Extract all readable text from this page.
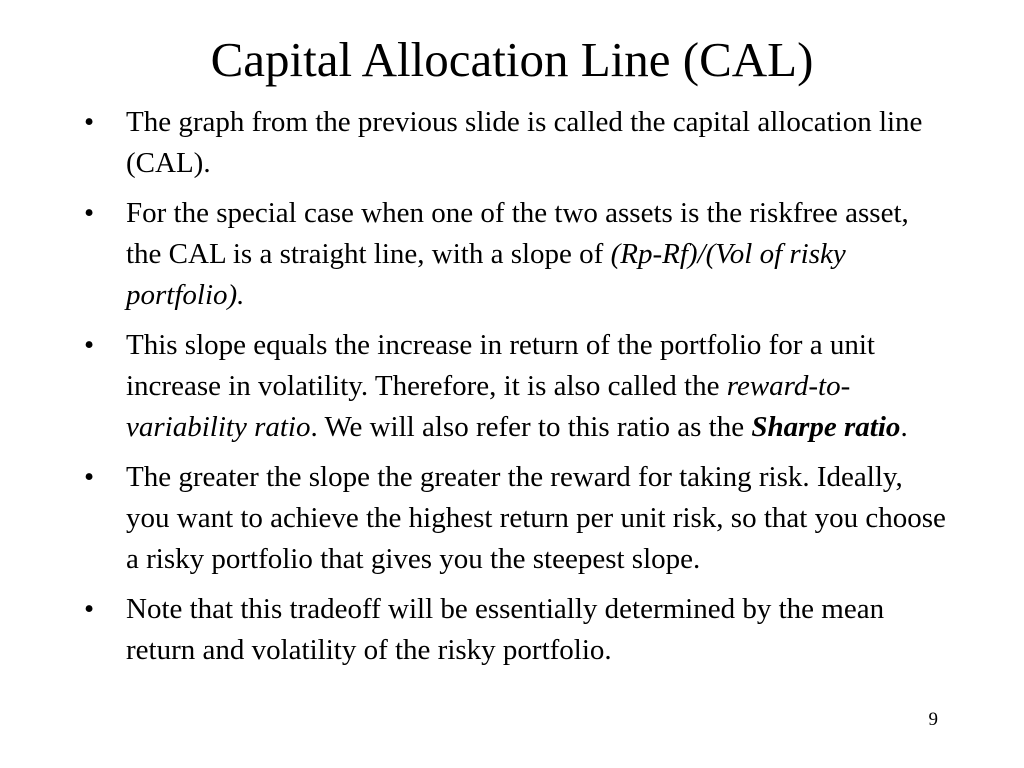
Capital Allocation Line (CAL)
•	The graph from the previous slide is called the capital allocation line (CAL).
•	For the special case when one of the two assets is the riskfree asset, the CAL is a straight line, with a slope of (Rp-Rf)/(Vol of risky portfolio).
•	This slope equals the increase in return of the portfolio for a unit increase in volatility. Therefore, it is also called the reward-to-variability ratio. We will also refer to this ratio as the Sharpe ratio.
•	The greater the slope the greater the reward for taking risk. Ideally, you want to achieve the highest return per unit risk, so that you choose a risky portfolio that gives you the steepest slope.
•	Note that this tradeoff will be essentially determined by the mean return and volatility of the risky portfolio.
9
